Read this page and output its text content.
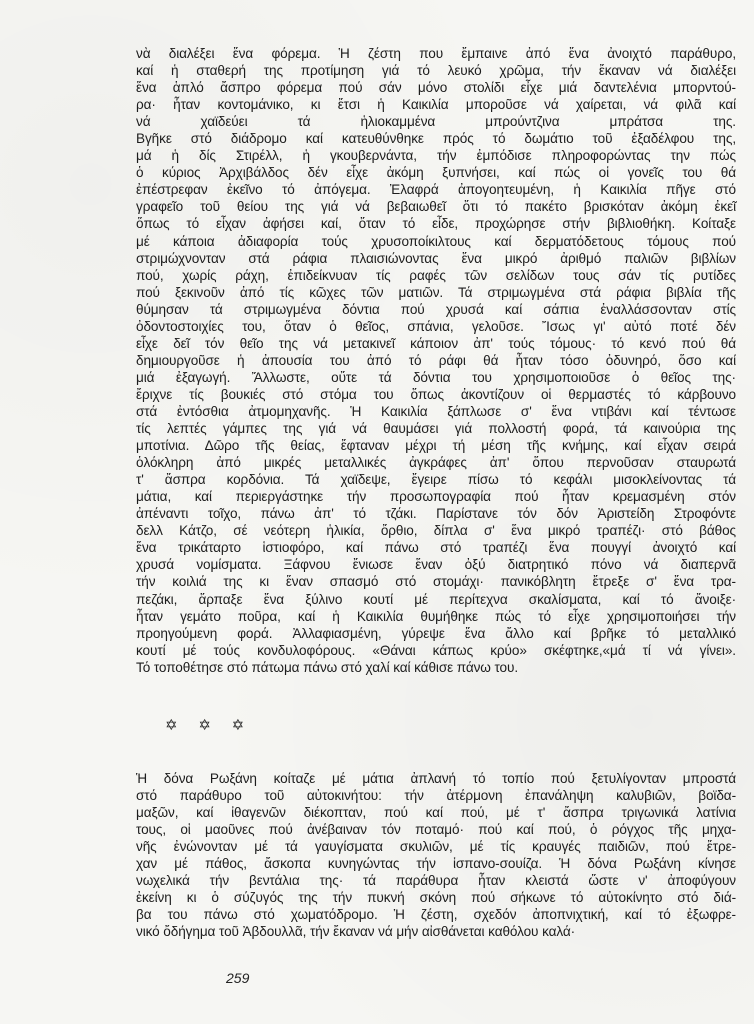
νὰ διαλέξει ἕνα φόρεμα. Ἡ ζέστη που ἔμπαινε ἀπό ἕνα ἀνοιχτό παράθυρο,
καί ἡ σταθερή της προτίμηση γιά τό λευκό χρῶμα, τήν ἔκαναν νά διαλέξει
ἕνα ἁπλό ἄσπρο φόρεμα πού σάν μόνο στολίδι εἶχε μιά δαντελένια μπορντού-
ρα· ἦταν κοντομάνικο, κι ἔτσι ἡ Καικιλία μποροῦσε νά χαίρεται, νά φιλᾶ καί
νά χαϊδεύει τά ἡλιοκαμμένα μπρούντζινα μπράτσα της.
Βγῆκε στό διάδρομο καί κατευθύνθηκε πρός τό δωμάτιο τοῦ ἐξαδέλφου της,
μά ἡ δίς Στιρέλλ, ἡ γκουβερνάντα, τήν ἐμπόδισε πληροφορώντας την πώς
ὁ κύριος Ἀρχιβάλδος δέν εἶχε ἀκόμη ξυπνήσει, καί πώς οἱ γονεῖς του θά
ἐπέστρεφαν ἐκεῖνο τό ἀπόγεμα. Ἐλαφρά ἀπογοητευμένη, ἡ Καικιλία πῆγε στό
γραφεῖο τοῦ θείου της γιά νά βεβαιωθεῖ ὅτι τό πακέτο βρισκόταν ἀκόμη ἐκεῖ
ὅπως τό εἶχαν ἀφήσει καί, ὅταν τό εἶδε, προχώρησε στήν βιβλιοθήκη. Κοίταξε
μέ κάποια ἀδιαφορία τούς χρυσοποίκιλτους καί δερματόδετους τόμους πού
στριμώχνονταν στά ράφια πλαισιώνοντας ἕνα μικρό ἀριθμό παλιῶν βιβλίων
πού, χωρίς ράχη, ἐπιδείκνυαν τίς ραφές τῶν σελίδων τους σάν τίς ρυτίδες
πού ξεκινοῦν ἀπό τίς κῶχες τῶν ματιῶν. Τά στριμωγμένα στά ράφια βιβλία τῆς
θύμησαν τά στριμωγμένα δόντια πού χρυσά καί σάπια ἐναλλάσσονταν στίς
ὀδοντοστοιχίες του, ὅταν ὁ θεῖος, σπάνια, γελοῦσε. Ἴσως γι' αὐτό ποτέ δέν
εἶχε δεῖ τόν θεῖο της νά μετακινεῖ κάποιον ἀπ' τούς τόμους· τό κενό πού θά
δημιουργοῦσε ἡ ἀπουσία του ἀπό τό ράφι θά ἦταν τόσο ὀδυνηρό, ὅσο καί
μιά ἐξαγωγή. Ἄλλωστε, οὔτε τά δόντια του χρησιμοποιοῦσε ὁ θεῖος της·
ἔριχνε τίς βουκιές στό στόμα του ὅπως ἀκοντίζουν οἱ θερμαστές τό κάρβουνο
στά ἐντόσθια ἀτμομηχανῆς. Ἡ Καικιλία ξάπλωσε σ' ἕνα ντιβάνι καί τέντωσε
τίς λεπτές γάμπες της γιά νά θαυμάσει γιά πολλοστή φορά, τά καινούρια της
μποτίνια. Δῶρο τῆς θείας, ἔφταναν μέχρι τή μέση τῆς κνήμης, καί εἶχαν σειρά
ὁλόκληρη ἀπό μικρές μεταλλικές ἀγκράφες ἀπ' ὅπου περνοῦσαν σταυρωτά
τ' ἄσπρα κορδόνια. Τά χαϊδεψε, ἔγειρε πίσω τό κεφάλι μισοκλείνοντας τά
μάτια, καί περιεργάστηκε τήν προσωπογραφία πού ἦταν κρεμασμένη στόν
ἀπέναντι τοῖχο, πάνω ἀπ' τό τζάκι. Παρίστανε τόν δόν Ἀριστείδη Στροφόντε
δελλ Κάτζο, σέ νεότερη ἡλικία, ὄρθιο, δίπλα σ' ἕνα μικρό τραπέζι· στό βάθος
ἕνα τρικάταρτο ἱστιοφόρο, καί πάνω στό τραπέζι ἕνα πουγγί ἀνοιχτό καί
χρυσά νομίσματα. Ξάφνου ἔνιωσε ἕναν ὀξύ διατρητικό πόνο νά διαπερνᾶ
τήν κοιλιά της κι ἕναν σπασμό στό στομάχι· πανικόβλητη ἔτρεξε σ' ἕνα τρα-
πεζάκι, ἅρπαξε ἕνα ξύλινο κουτί μέ περίτεχνα σκαλίσματα, καί τό ἄνοιξε·
ἦταν γεμάτο ποῦρα, καί ἡ Καικιλία θυμήθηκε πώς τό εἶχε χρησιμοποιήσει τήν
προηγούμενη φορά. Ἀλλαφιασμένη, γύρεψε ἕνα ἄλλο καί βρῆκε τό μεταλλικό
κουτί μέ τούς κονδυλοφόρους. «Θάναι κάπως κρύο» σκέφτηκε,«μά τί νά γίνει».
Τό τοποθέτησε στό πάτωμα πάνω στό χαλί καί κάθισε πάνω του.
✡ ✡ ✡
Ἡ δόνα Ρωξάνη κοίταζε μέ μάτια ἀπλανή τό τοπίο πού ξετυλίγονταν μπροστά
στό παράθυρο τοῦ αὐτοκινήτου: τήν ἀτέρμονη ἐπανάληψη καλυβιῶν, βοϊδα-
μαξῶν, καί ἰθαγενῶν διέκοπταν, πού καί πού, μέ τ' ἄσπρα τριγωνικά λατίνια
τους, οἱ μαοῦνες πού ἀνέβαιναν τόν ποταμό· πού καί πού, ὁ ρόγχος τῆς μηχα-
νῆς ἐνώνονταν μέ τά γαυγίσματα σκυλιῶν, μέ τίς κραυγές παιδιῶν, πού ἔτρε-
χαν μέ πάθος, ἄσκοπα κυνηγώντας τήν ἱσπανο-σουίζα. Ἡ δόνα Ρωξάνη κίνησε
νωχελικά τήν βεντάλια της· τά παράθυρα ἦταν κλειστά ὥστε ν' ἀποφύγουν
ἐκείνη κι ὁ σύζυγός της τήν πυκνή σκόνη πού σήκωνε τό αὐτοκίνητο στό διά-
βα του πάνω στό χωματόδρομο. Ἡ ζέστη, σχεδόν ἀποπνιχτική, καί τό ἐξωφρε-
νικό ὄδήγημα τοῦ Ἀβδουλλᾶ, τήν ἔκαναν νά μήν αἰσθάνεται καθόλου καλά·
259
